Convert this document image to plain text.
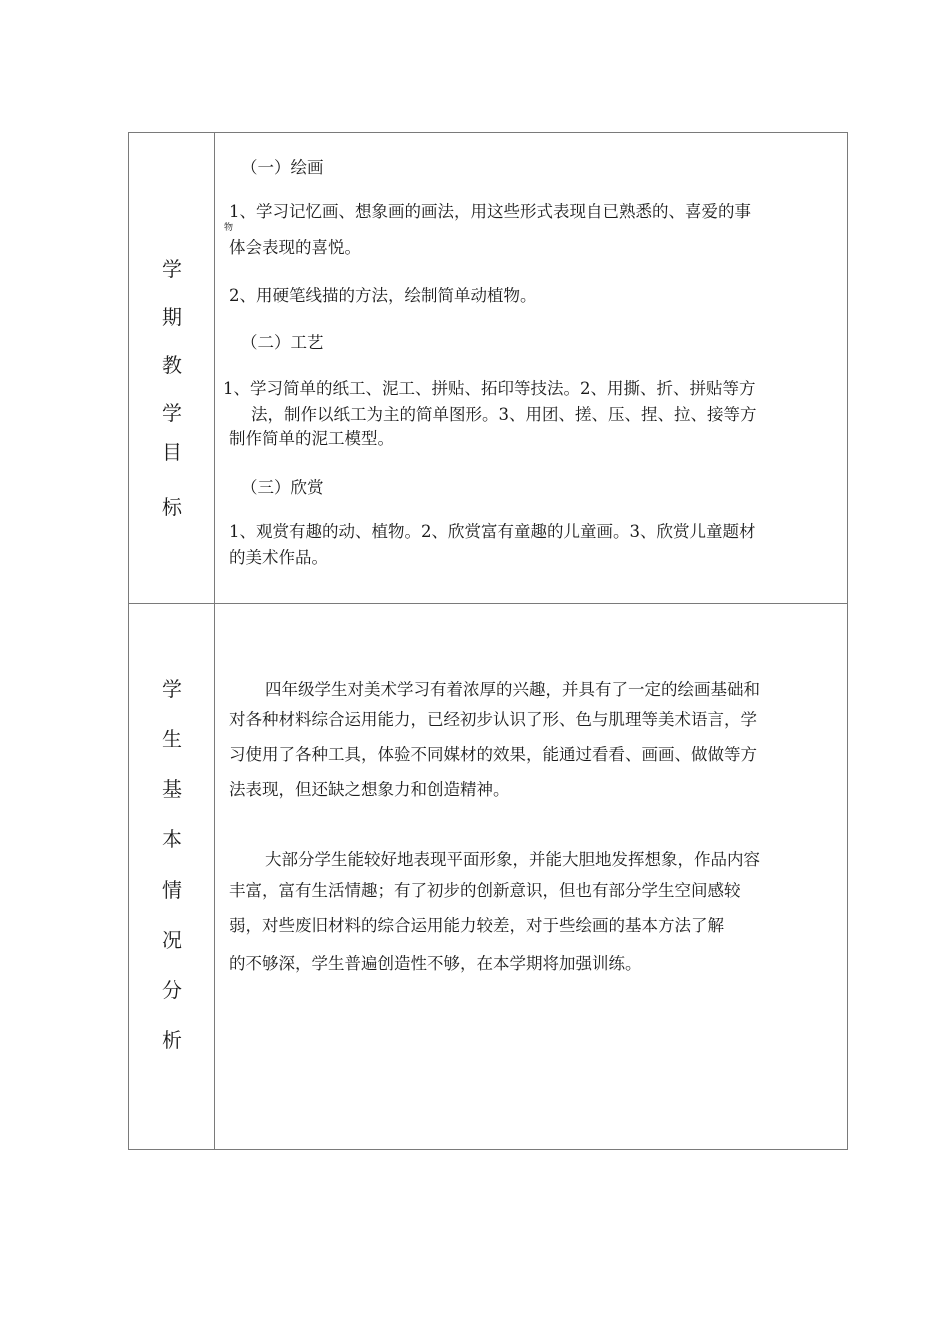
学
期
教
学
目
标
（一）绘画
1、学习记忆画、想象画的画法，用这些形式表现自已熟悉的、喜爱的事
物
体会表现的喜悦。
2、用硬笔线描的方法，绘制简单动植物。
（二）工艺
1、学习简单的纸工、泥工、拼贴、拓印等技法。2、用撕、折、拼贴等方
法，制作以纸工为主的简单图形。3、用团、搓、压、捏、拉、接等方
制作简单的泥工模型。
（三）欣赏
1、观赏有趣的动、植物。2、欣赏富有童趣的儿童画。3、欣赏儿童题材
的美术作品。
学
生
基
本
情
况
分
析
四年级学生对美术学习有着浓厚的兴趣，并具有了一定的绘画基础和
对各种材料综合运用能力，已经初步认识了形、色与肌理等美术语言，学
习使用了各种工具，体验不同媒材的效果，能通过看看、画画、做做等方
法表现，但还缺之想象力和创造精神。
大部分学生能较好地表现平面形象，并能大胆地发挥想象，作品内容
丰富，富有生活情趣；有了初步的创新意识，但也有部分学生空间感较
弱，对些废旧材料的综合运用能力较差，对于些绘画的基本方法了解
的不够深，学生普遍创造性不够，在本学期将加强训练。
